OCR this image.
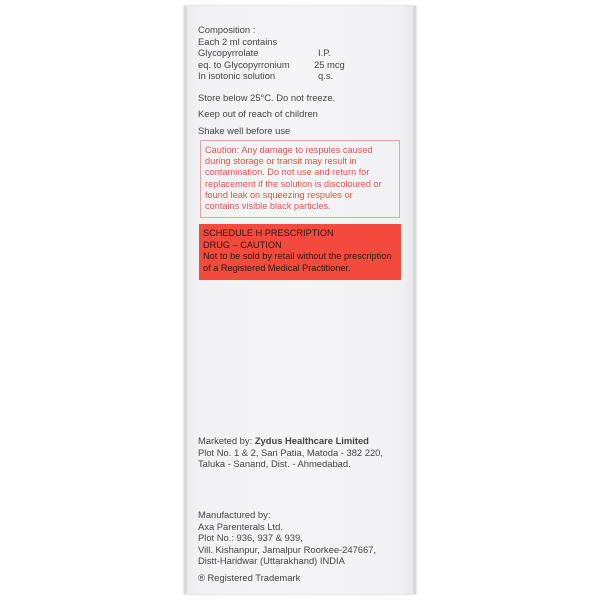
Composition :
Each 2 ml contains
Glycopyrrolate	I.P.
eq. to Glycopyrronium	25 mcg
In isotonic solution	q.s.
Store below 25°C. Do not freeze.
Keep out of reach of children
Shake well before use
Caution: Any damage to respules caused
during storage or transit may result in
contamination. Do not use and return for
replacement if the solution is discoloured or
found leak on squeezing respules or
contains visible black particles.
SCHEDULE H PRESCRIPTION
DRUG – CAUTION
Not to be sold by retail without the prescription
of a Registered Medical Practitioner.
Marketed by: Zydus Healthcare Limited
Plot No. 1 & 2, Sari Patia, Matoda - 382 220,
Taluka - Sanand, Dist. - Ahmedabad.
Manufactured by:
Axa Parenterals Ltd.
Plot No.: 936, 937 & 939,
Vill. Kishanpur, Jamalpur Roorkee-247667,
Distt-Haridwar (Uttarakhand) INDIA
® Registered Trademark
